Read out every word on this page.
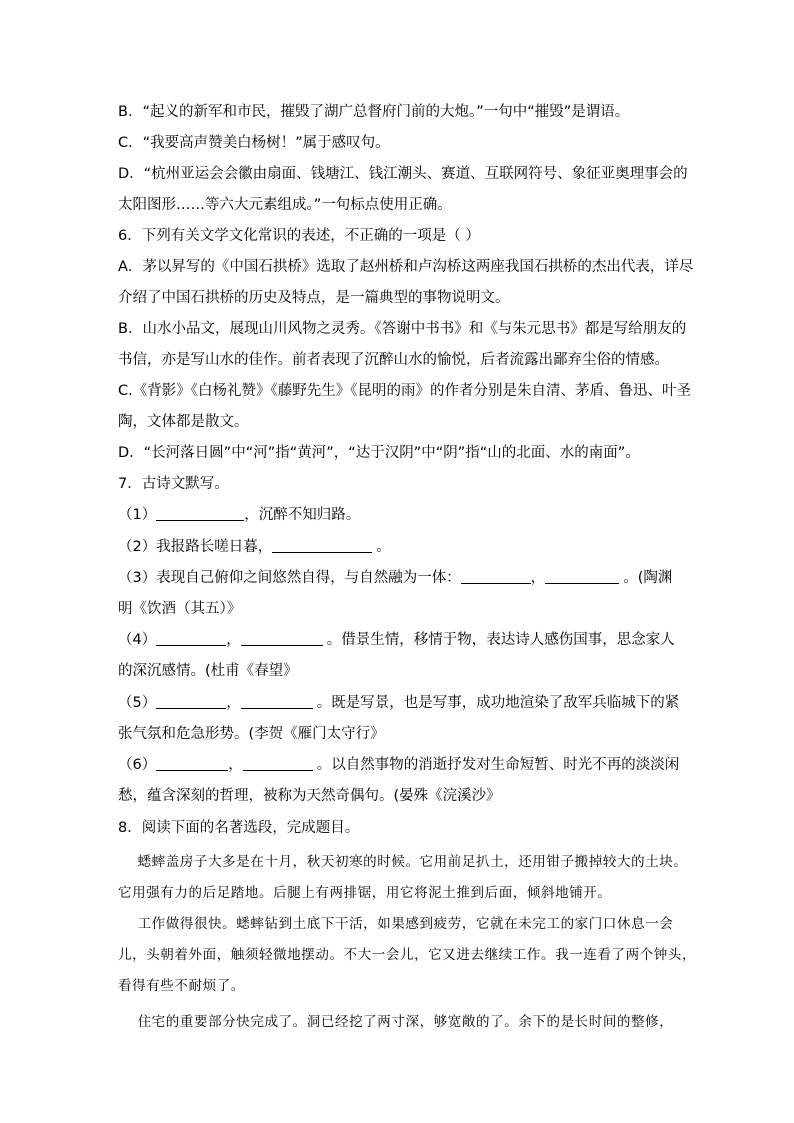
B．“起义的新军和市民，摧毁了湖广总督府门前的大炮。”一句中“摧毁”是谓语。
C．“我要高声赞美白杨树！”属于感叹句。
D．“杭州亚运会会徽由扇面、钱塘江、钱江潮头、赛道、互联网符号、象征亚奥理事会的
太阳图形……等六大元素组成。”一句标点使用正确。
6．下列有关文学文化常识的表述，不正确的一项是（ ）
A．茅以昇写的《中国石拱桥》选取了赵州桥和卢沟桥这两座我国石拱桥的杰出代表，详尽
介绍了中国石拱桥的历史及特点，是一篇典型的事物说明文。
B．山水小品文，展现山川风物之灵秀。《答谢中书书》和《与朱元思书》都是写给朋友的
书信，亦是写山水的佳作。前者表现了沉醉山水的愉悦，后者流露出鄙弃尘俗的情感。
C.《背影》《白杨礼赞》《藤野先生》《昆明的雨》的作者分别是朱自清、茅盾、鲁迅、叶圣
陶，文体都是散文。
D．“长河落日圆”中“河”指“黄河”，“达于汉阴”中“阴”指“山的北面、水的南面”。
7．古诗文默写。
（1）	，沉醉不知归路。
（2）我报路长嗟日暮，	。
（3）表现自己俯仰之间悠然自得，与自然融为一体：	，	。(陶渊
明《饮酒（其五）》
（4）	，	。借景生情，移情于物，表达诗人感伤国事，思念家人
的深沉感情。(杜甫《春望》
（5）	，	。既是写景，也是写事，成功地渲染了敌军兵临城下的紧
张气氛和危急形势。(李贺《雁门太守行》
（6）	，	。以自然事物的消逝抒发对生命短暂、时光不再的淡淡闲
愁，蕴含深刻的哲理，被称为天然奇偶句。(晏殊《浣溪沙》
8．阅读下面的名著选段，完成题目。
蟋蟀盖房子大多是在十月，秋天初寒的时候。它用前足扒土，还用钳子搬掉较大的土块。
它用强有力的后足踏地。后腿上有两排锯，用它将泥土推到后面，倾斜地铺开。
工作做得很快。蟋蟀钻到土底下干活，如果感到疲劳，它就在未完工的家门口休息一会
儿，头朝着外面，触须轻微地摆动。不大一会儿，它又进去继续工作。我一连看了两个钟头，
看得有些不耐烦了。
住宅的重要部分快完成了。洞已经挖了两寸深，够宽敞的了。余下的是长时间的整修，
